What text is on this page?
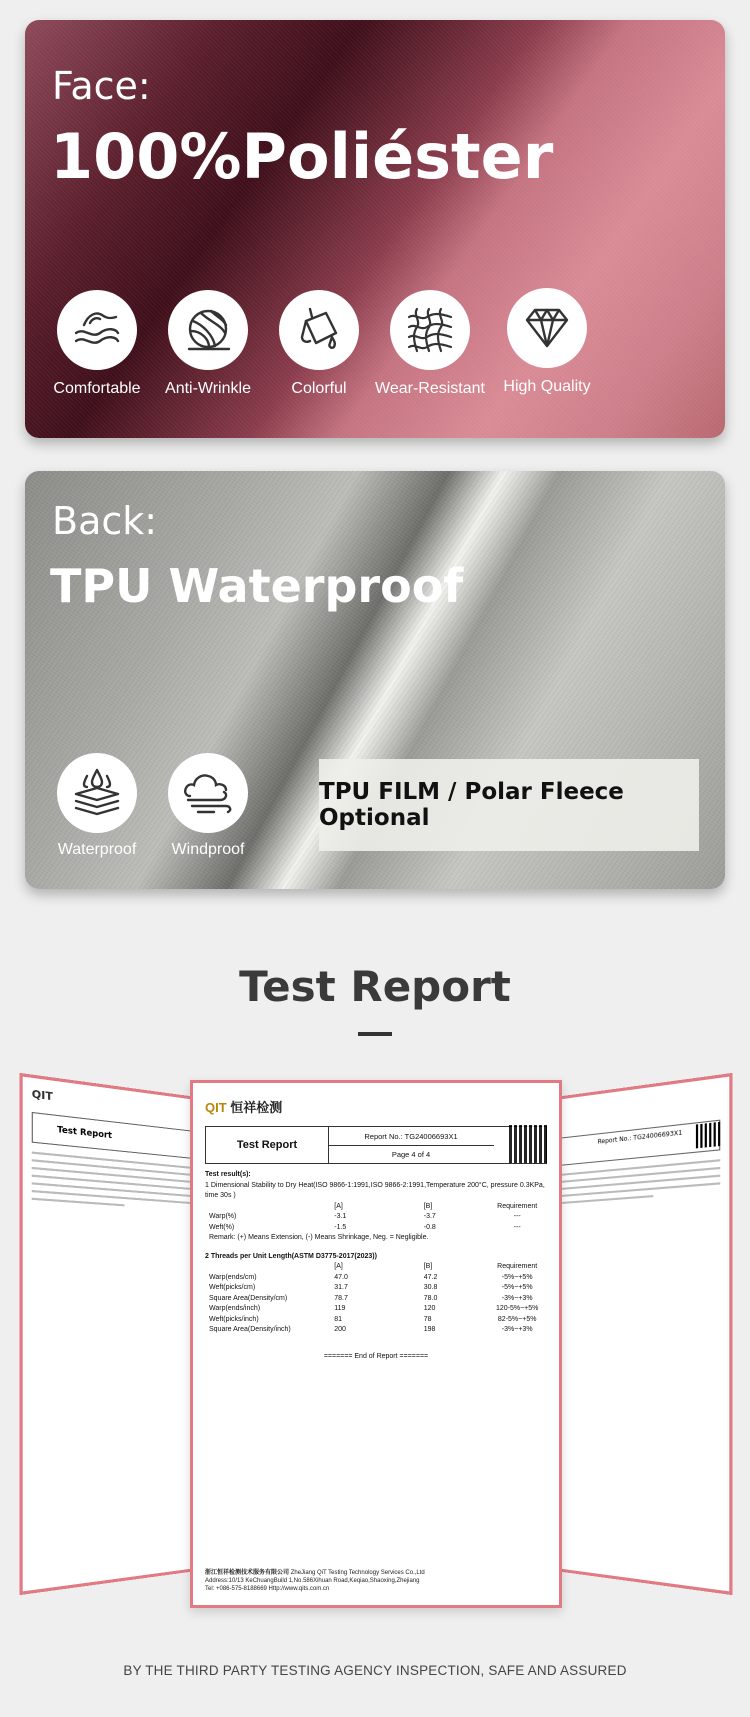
Face:
100%Poliéster
Comfortable	Anti-Wrinkle	Colorful	Wear-Resistant	High Quality
Back:
TPU Waterproof
Waterproof	Windproof
TPU FILM / Polar Fleece Optional
Test Report
QIT
Test Report	Report No.: TG24006693X1
QIT 恒祥检测
Test Report
Report No.: TG24006693X1
Page 4 of 4
Test result(s):
1 Dimensional Stability to Dry Heat(ISO 9866-1:1991,ISO 9866-2:1991,Temperature 200°C, pressure 0.3KPa, time 30s )
[A]	[B]	Requirement
Warp(%)	-3.1	-3.7	---
Weft(%)	-1.5	-0.8	---
Remark: (+) Means Extension, (-) Means Shrinkage, Neg. = Negligible.
2 Threads per Unit Length(ASTM D3775-2017(2023))
[A]	[B]	Requirement
Warp(ends/cm)	47.0	47.2	-5%~+5%
Weft(picks/cm)	31.7	30.8	-5%~+5%
Square Area(Density/cm)	78.7	78.0	-3%~+3%
Warp(ends/inch)	119	120	120-5%~+5%
Weft(picks/inch)	81	78	82-5%~+5%
Square Area(Density/inch)	200	198	-3%~+3%
======= End of Report =======
浙江恒祥检测技术服务有限公司 ZheJiang QiT Testing Technology Services Co.,Ltd
Address:10/13 KeChuangBuild 1,No.586Xihuan Road,Keqiao,Shaoxing,Zhejiang
Tel: +086-575-8188669 Http://www.qits.com.cn
BY THE THIRD PARTY TESTING AGENCY INSPECTION, SAFE AND ASSURED
